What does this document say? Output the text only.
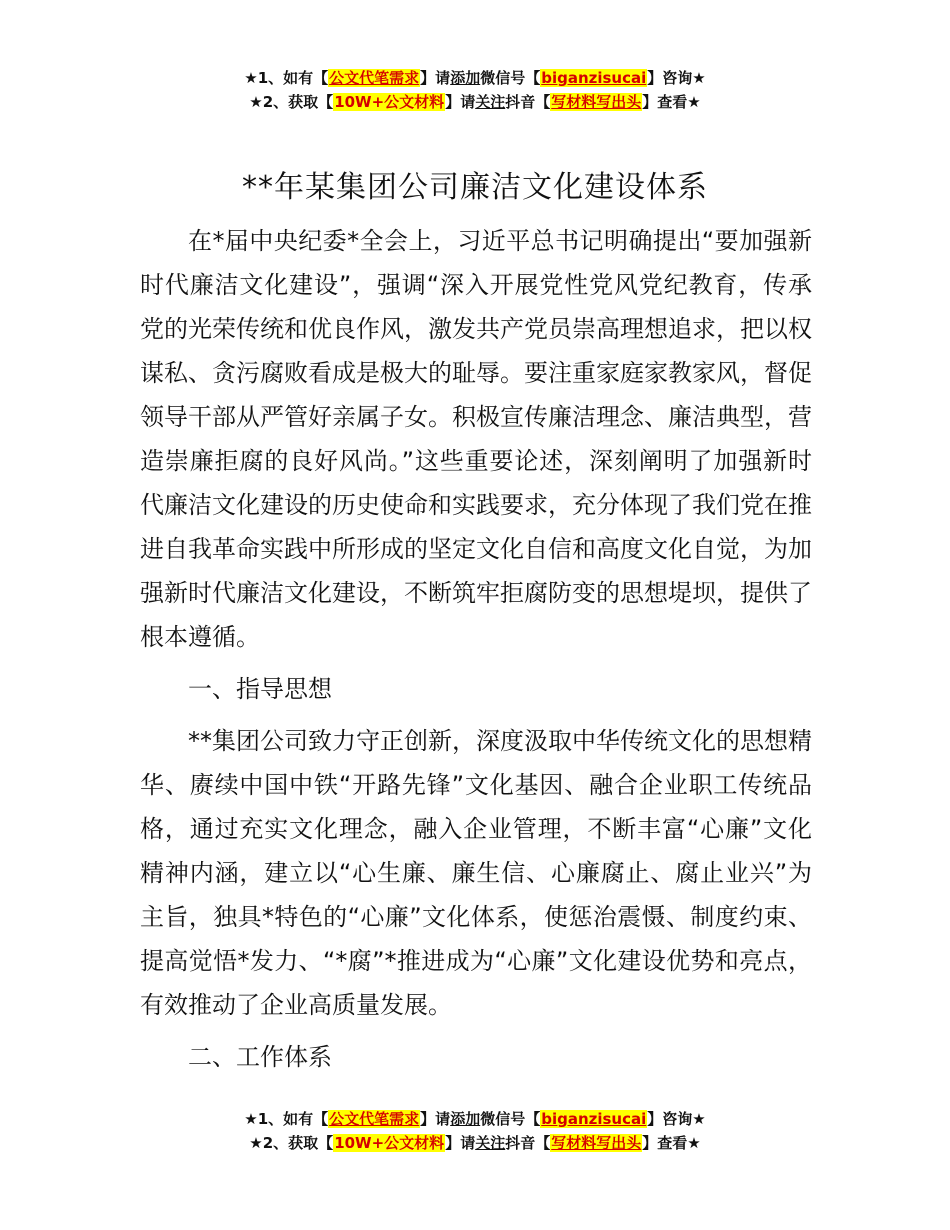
★1、如有【公文代笔需求】请添加微信号【biganzisucai】咨询★
★2、获取【10W+公文材料】请关注抖音【写材料写出头】查看★
**年某集团公司廉洁文化建设体系

在*届中央纪委*全会上，习近平总书记明确提出“要加强新时代廉洁文化建设”，强调“深入开展党性党风党纪教育，传承党的光荣传统和优良作风，激发共产党员崇高理想追求，把以权谋私、贪污腐败看成是极大的耻辱。要注重家庭家教家风，督促领导干部从严管好亲属子女。积极宣传廉洁理念、廉洁典型，营造崇廉拒腐的良好风尚。”这些重要论述，深刻阐明了加强新时代廉洁文化建设的历史使命和实践要求，充分体现了我们党在推进自我革命实践中所形成的坚定文化自信和高度文化自觉，为加强新时代廉洁文化建设，不断筑牢拒腐防变的思想堤坝，提供了根本遵循。

一、指导思想

**集团公司致力守正创新，深度汲取中华传统文化的思想精华、赓续中国中铁“开路先锋”文化基因、融合企业职工传统品格，通过充实文化理念，融入企业管理，不断丰富“心廉”文化精神内涵，建立以“心生廉、廉生信、心廉腐止、腐止业兴”为主旨，独具*特色的“心廉”文化体系，使惩治震慑、制度约束、提高觉悟*发力、“*腐”*推进成为“心廉”文化建设优势和亮点，有效推动了企业高质量发展。

二、工作体系

★1、如有【公文代笔需求】请添加微信号【biganzisucai】咨询★
★2、获取【10W+公文材料】请关注抖音【写材料写出头】查看★
